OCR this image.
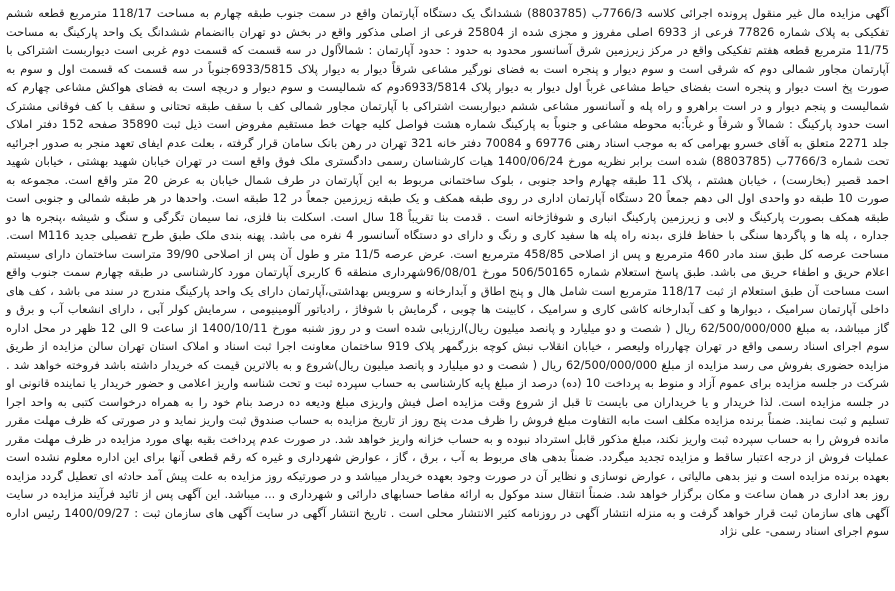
آگهی مزایده مال غیر منقول پرونده اجرائی کلاسه 7766/3ب (8803785) ششدانگ یک دستگاه آپارتمان واقع در سمت جنوب طبقه چهارم به مساحت 118/17 مترمربع قطعه ششم تفکیکی به پلاک شماره 77826 فرعی از 6933 اصلی مفروز و مجزی شده از 25804 فرعی از اصلی مذکور واقع در بخش دو تهران باانضمام ششدانگ یک واحد پارکینگ به مساحت 11/75 مترمربع قطعه هفتم تفکیکی واقع در مرکز زیرزمین شرق آسانسور محدود به حدود : حدود آپارتمان : شمالاًاول در سه قسمت که قسمت دوم غربی است دیواربست اشتراکی با آپارتمان مجاور شمالی دوم که شرقی است و سوم دیوار و پنجره است به فضای نورگیر مشاعی شرقاً دیوار به دیوار پلاک 6933/5815جنوباً در سه قسمت که قسمت اول و سوم به صورت پخ است دیوار و پنجره است بفضای حیاط مشاعی غرباً اول دیوار به دیوار پلاک 6933/5814دوم که شمالیست و سوم دیوار و دریچه است به فضای هواکش مشاعی چهارم که شمالیست و پنجم دیوار و در است براهرو و راه پله و آسانسور مشاعی ششم دیواربست اشتراکی با آپارتمان مجاور شمالی کف با سقف طبقه تحتانی و سقف با کف فوقانی مشترک است حدود پارکینگ : شمالاً و شرقاً و غرباً:به محوطه مشاعی و جنوباً به پارکینگ شماره هشت فواصل کلیه جهات خط مستقیم مفروض است ذیل ثبت 35890 صفحه 152 دفتر املاک جلد 2271 متعلق به آقای خسرو بهرامی که به موجب اسناد رهنی 69776 و 70084 دفتر خانه 321 تهران در رهن بانک سامان قرار گرفته ، بعلت عدم ایفای تعهد منجر به صدور اجرائیه تحت شماره 7766/3ب (8803785) شده است برابر نظریه مورخ 1400/06/24 هیات کارشناسان رسمی دادگستری ملک فوق واقع است در تهران خیابان شهید بهشتی ، خیابان شهید احمد قصیر (بخارست) ، خیابان هشتم ، پلاک 11 طبقه چهارم واحد جنوبی ، بلوک ساختمانی مربوط به این آپارتمان در طرف شمال خیابان به عرض 20 متر واقع است. مجموعه به صورت 10 طبقه دو واحدی اول الی دهم جمعاً 20 دستگاه آپارتمان اداری در روی طبقه همکف و یک طبقه زیرزمین جمعاً در 12 طبقه است. واحدها در هر طبقه شمالی و جنوبی است طبقه همکف بصورت پارکینگ و لابی و زیرزمین پارکینگ انباری و شوفاژخانه است . قدمت بنا تقریباً 18 سال است. اسکلت بنا فلزی، نما سیمان تگرگی و سنگ و شیشه ،پنجره ها دو جداره ، پله ها و پاگردها سنگی با حفاظ فلزی ،بدنه راه پله ها سفید کاری و رنگ و دارای دو دستگاه آسانسور 4 نفره می باشد. پهنه بندی ملک طبق طرح تفصیلی جدید M116 است. مساحت عرصه کل طبق سند مادر 460 مترمربع و پس از اصلاحی 458/85 مترمربع است. عرض عرصه 11/5 متر و طول آن پس از اصلاحی 39/90 متراست ساختمان دارای سیستم اعلام حریق و اطفاء حریق می باشد. طبق پاسخ استعلام شماره 506/50165 مورخ 96/08/01شهرداری منطقه 6 کاربری آپارتمان مورد کارشناسی در طبقه چهارم سمت جنوب واقع است مساحت آن طبق استعلام از ثبت 118/17 مترمربع است شامل هال و پنج اطاق و آبدارخانه و سرویس بهداشتی،آپارتمان دارای یک واحد پارکینگ مندرج در سند می باشد ، کف های داخلی آپارتمان سرامیک ، دیوارها و کف آبدارخانه کاشی کاری و سرامیک ، کابینت ها چوبی ، گرمایش با شوفاژ ، رادیاتور آلومینیومی ، سرمایش کولر آبی ، دارای انشعاب آب و برق و گاز میباشد، به مبلغ 62/500/000/000 ریال ( شصت و دو میلیارد و پانصد میلیون ریال)ارزیابی شده است و در روز شنبه مورخ 1400/10/11 از ساعت 9 الی 12 ظهر در محل اداره سوم اجرای اسناد رسمی واقع در تهران چهارراه ولیعصر ، خیابان انقلاب نبش کوچه بزرگمهر پلاک 919 ساختمان معاونت اجرا ثبت اسناد و املاک استان تهران سالن مزایده از طریق مزایده حضوری بفروش می رسد مزایده از مبلغ 62/500/000/000 ریال ( شصت و دو میلیارد و پانصد میلیون ریال)شروع و به بالاترین قیمت که خریدار داشته باشد فروخته خواهد شد . شرکت در جلسه مزایده برای عموم آزاد و منوط به پرداخت 10 (ده) درصد از مبلغ پایه کارشناسی به حساب سپرده ثبت و تحت شناسه واریز اعلامی و حضور خریدار یا نماینده قانونی او در جلسه مزایده است. لذا خریدار و یا خریداران می بایست تا قبل از شروع وقت مزایده اصل فیش واریزی مبلغ ودیعه ده درصد بنام خود را به همراه درخواست کتبی به واحد اجرا تسلیم و ثبت نمایند. ضمناً برنده مزایده مکلف است مابه التفاوت مبلغ فروش را ظرف مدت پنج روز از تاریخ مزایده به حساب صندوق ثبت واریز نماید و در صورتی که ظرف مهلت مقرر مانده فروش را به حساب سپرده ثبت واریز نکند، مبلغ مذکور قابل استرداد نبوده و به حساب خزانه واریز خواهد شد. در صورت عدم پرداخت بقیه بهای مورد مزایده در ظرف مهلت مقرر عملیات فروش از درجه اعتبار ساقط و مزایده تجدید میگردد. ضمناً بدهی های مربوط به آب ، برق ، گاز ، عوارض شهرداری و غیره که رقم قطعی آنها برای این اداره معلوم نشده است بعهده برنده مزایده است و نیز بدهی مالیاتی ، عوارض نوسازی و نظایر آن در صورت وجود بعهده خریدار میباشد و در صورتیکه روز مزایده به علت پیش آمد حادثه ای تعطیل گردد مزایده روز بعد اداری در همان ساعت و مکان برگزار خواهد شد. ضمناً انتقال سند موکول به ارائه مفاصا حسابهای دارائی و شهرداری و ... میباشد. این آگهی پس از تائید فرآیند مزایده در سایت آگهی های سازمان ثبت قرار خواهد گرفت و به منزله انتشار آگهی در روزنامه کثیر الانتشار محلی است . تاریخ انتشار آگهی در سایت آگهی های سازمان ثبت : 1400/09/27 رئیس اداره سوم اجرای اسناد رسمی- علی نژاد
